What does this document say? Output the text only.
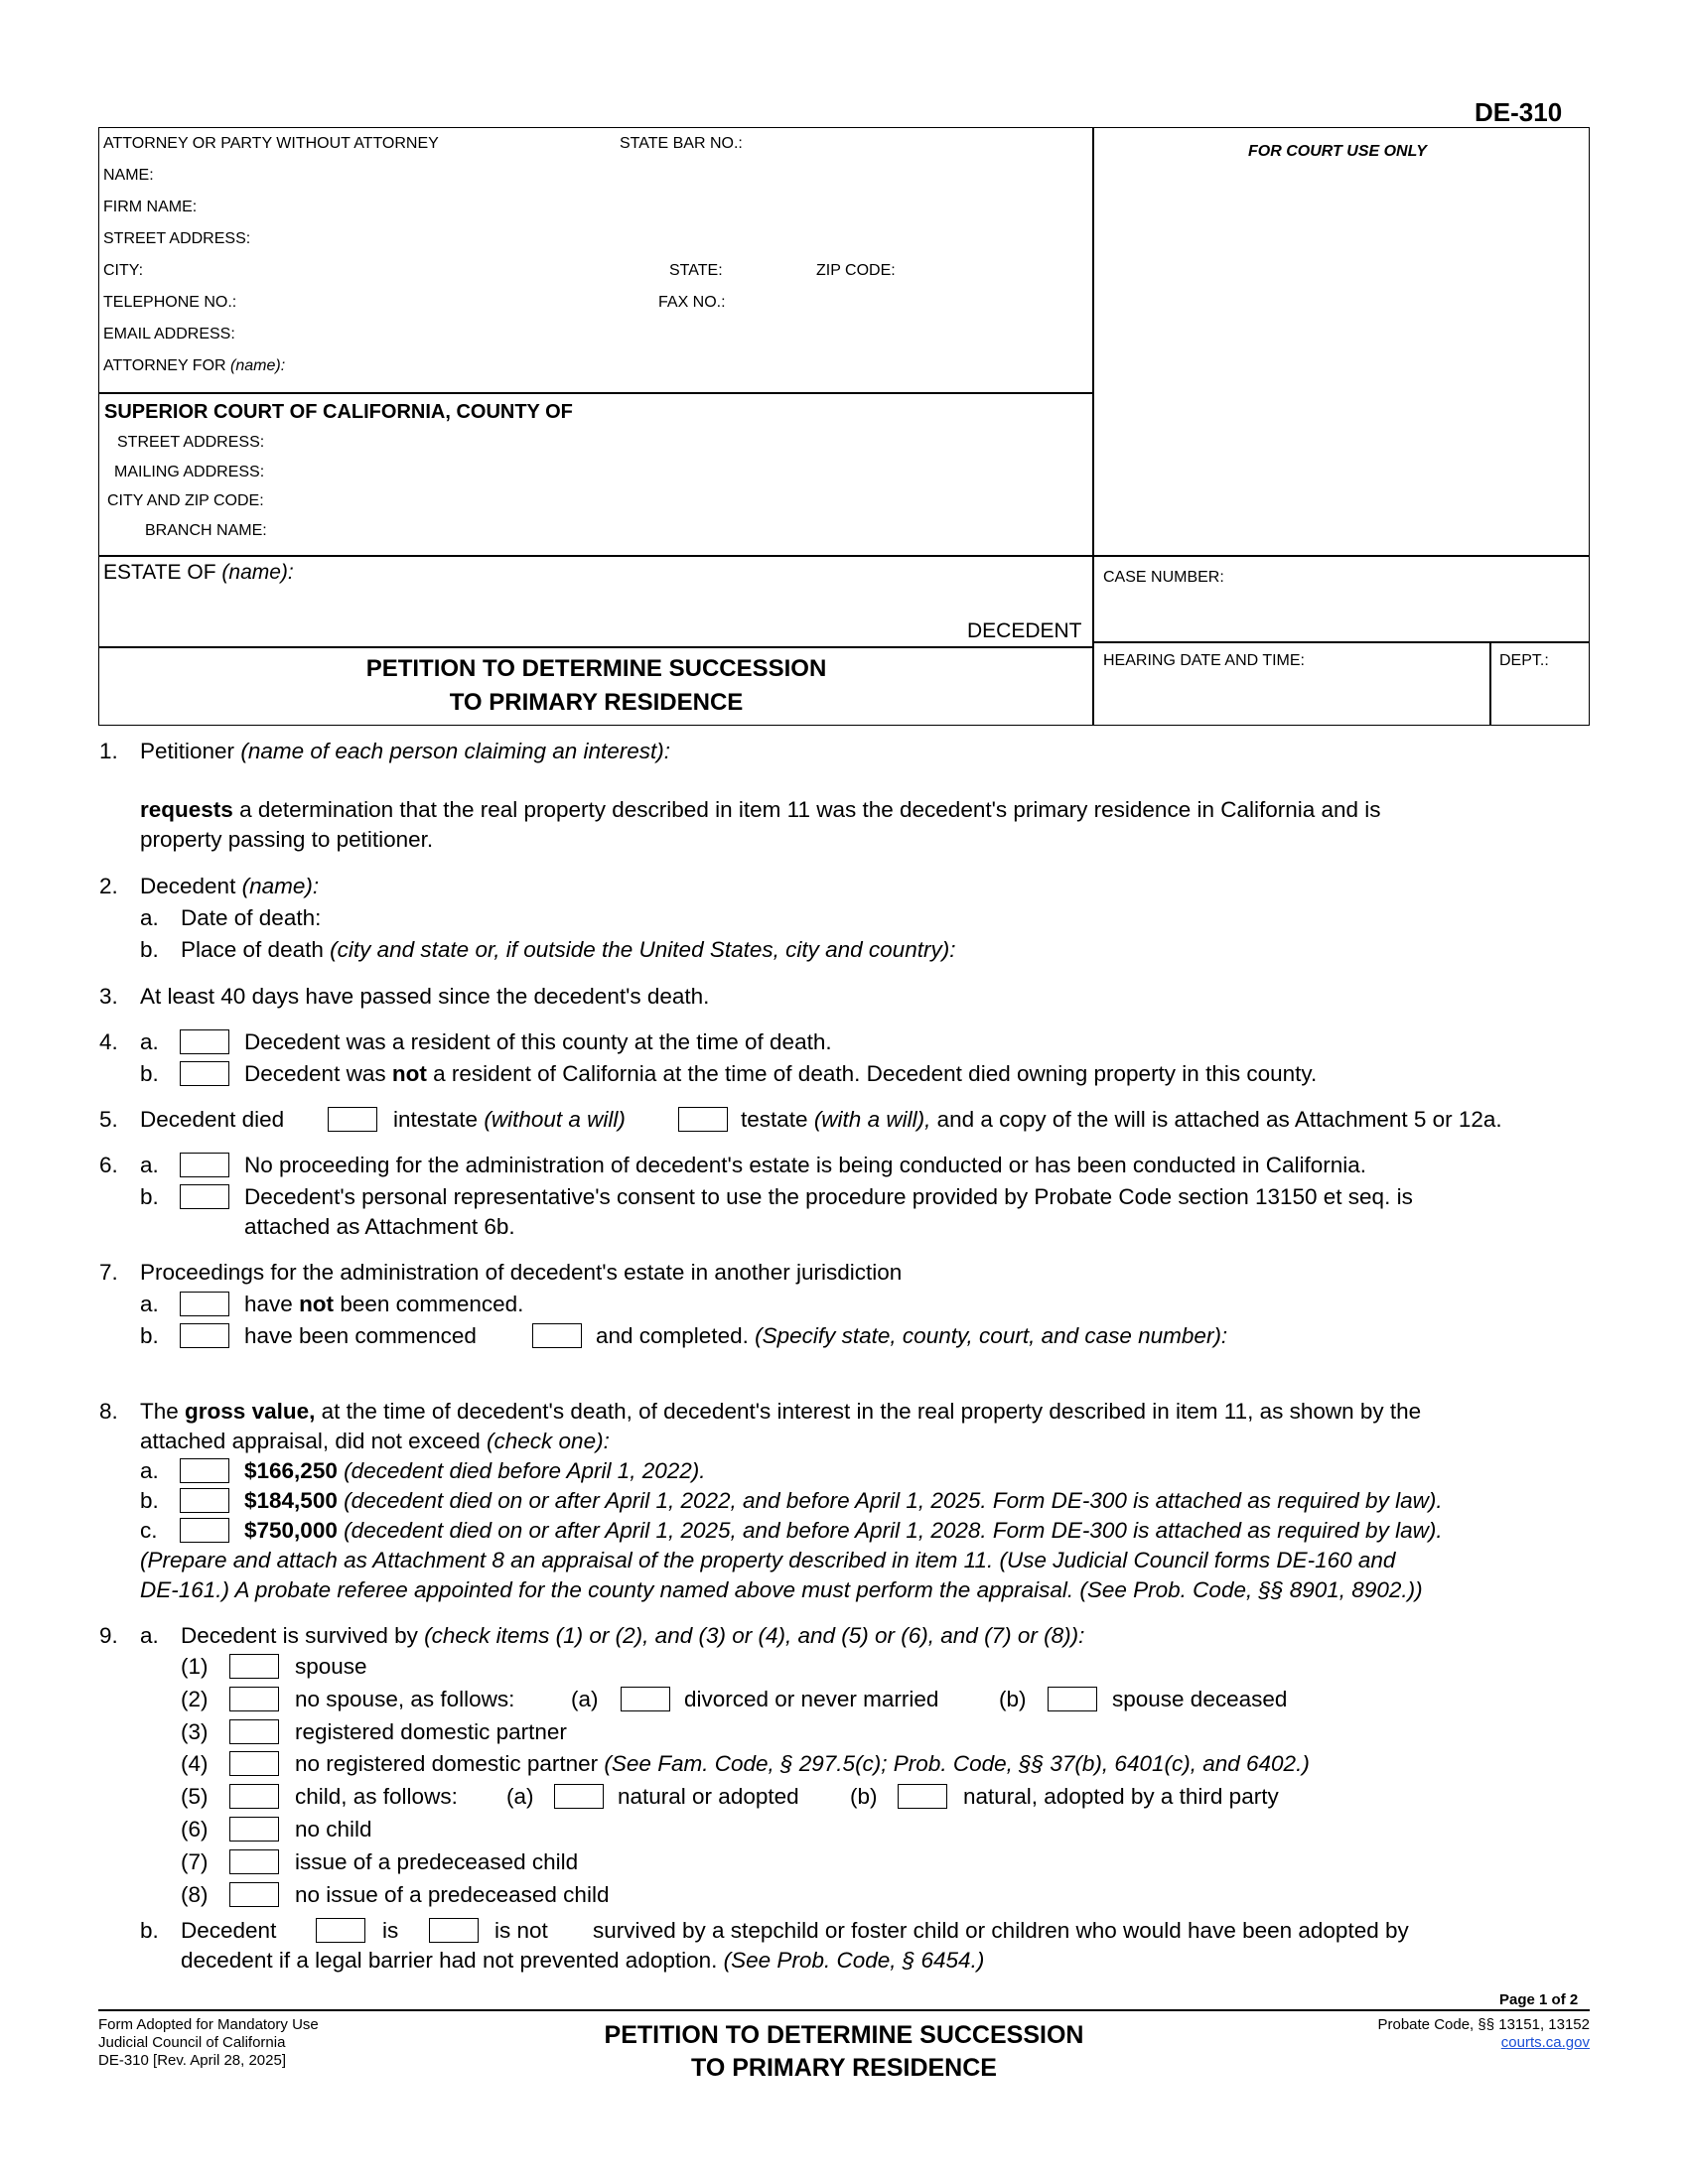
DE-310
ATTORNEY OR PARTY WITHOUT ATTORNEY	STATE BAR NO.:
NAME:
FIRM NAME:
STREET ADDRESS:
CITY:	STATE:	ZIP CODE:
TELEPHONE NO.:	FAX NO.:
EMAIL ADDRESS:
ATTORNEY FOR (name):
FOR COURT USE ONLY
SUPERIOR COURT OF CALIFORNIA, COUNTY OF
STREET ADDRESS:
MAILING ADDRESS:
CITY AND ZIP CODE:
BRANCH NAME:
ESTATE OF (name):
DECEDENT
CASE NUMBER:
PETITION TO DETERMINE SUCCESSION
TO PRIMARY RESIDENCE
HEARING DATE AND TIME:	DEPT.:
1. Petitioner (name of each person claiming an interest):
requests a determination that the real property described in item 11 was the decedent's primary residence in California and is
property passing to petitioner.
2. Decedent (name):
a. Date of death:
b. Place of death (city and state or, if outside the United States, city and country):
3. At least 40 days have passed since the decedent's death.
4. a.	Decedent was a resident of this county at the time of death.
b.	Decedent was not a resident of California at the time of death. Decedent died owning property in this county.
5. Decedent died	intestate (without a will)	testate (with a will), and a copy of the will is attached as Attachment 5 or 12a.
6. a.	No proceeding for the administration of decedent's estate is being conducted or has been conducted in California.
b.	Decedent's personal representative's consent to use the procedure provided by Probate Code section 13150 et seq. is
attached as Attachment 6b.
7. Proceedings for the administration of decedent's estate in another jurisdiction
a.	have not been commenced.
b.	have been commenced	and completed. (Specify state, county, court, and case number):
8. The gross value, at the time of decedent's death, of decedent's interest in the real property described in item 11, as shown by the
attached appraisal, did not exceed (check one):
a.	$166,250 (decedent died before April 1, 2022).
b.	$184,500 (decedent died on or after April 1, 2022, and before April 1, 2025. Form DE-300 is attached as required by law).
c.	$750,000 (decedent died on or after April 1, 2025, and before April 1, 2028. Form DE-300 is attached as required by law).
(Prepare and attach as Attachment 8 an appraisal of the property described in item 11. (Use Judicial Council forms DE-160 and
DE-161.) A probate referee appointed for the county named above must perform the appraisal. (See Prob. Code, §§ 8901, 8902.))
9. a. Decedent is survived by (check items (1) or (2), and (3) or (4), and (5) or (6), and (7) or (8)):
(1)	spouse
(2)	no spouse, as follows:	(a)	divorced or never married	(b)	spouse deceased
(3)	registered domestic partner
(4)	no registered domestic partner (See Fam. Code, § 297.5(c); Prob. Code, §§ 37(b), 6401(c), and 6402.)
(5)	child, as follows: (a)	natural or adopted (b)	natural, adopted by a third party
(6)	no child
(7)	issue of a predeceased child
(8)	no issue of a predeceased child
b. Decedent	is	is not survived by a stepchild or foster child or children who would have been adopted by
decedent if a legal barrier had not prevented adoption. (See Prob. Code, § 6454.)
Page 1 of 2
Form Adopted for Mandatory Use
Judicial Council of California
DE-310 [Rev. April 28, 2025]
PETITION TO DETERMINE SUCCESSION
TO PRIMARY RESIDENCE
Probate Code, §§ 13151, 13152
courts.ca.gov
